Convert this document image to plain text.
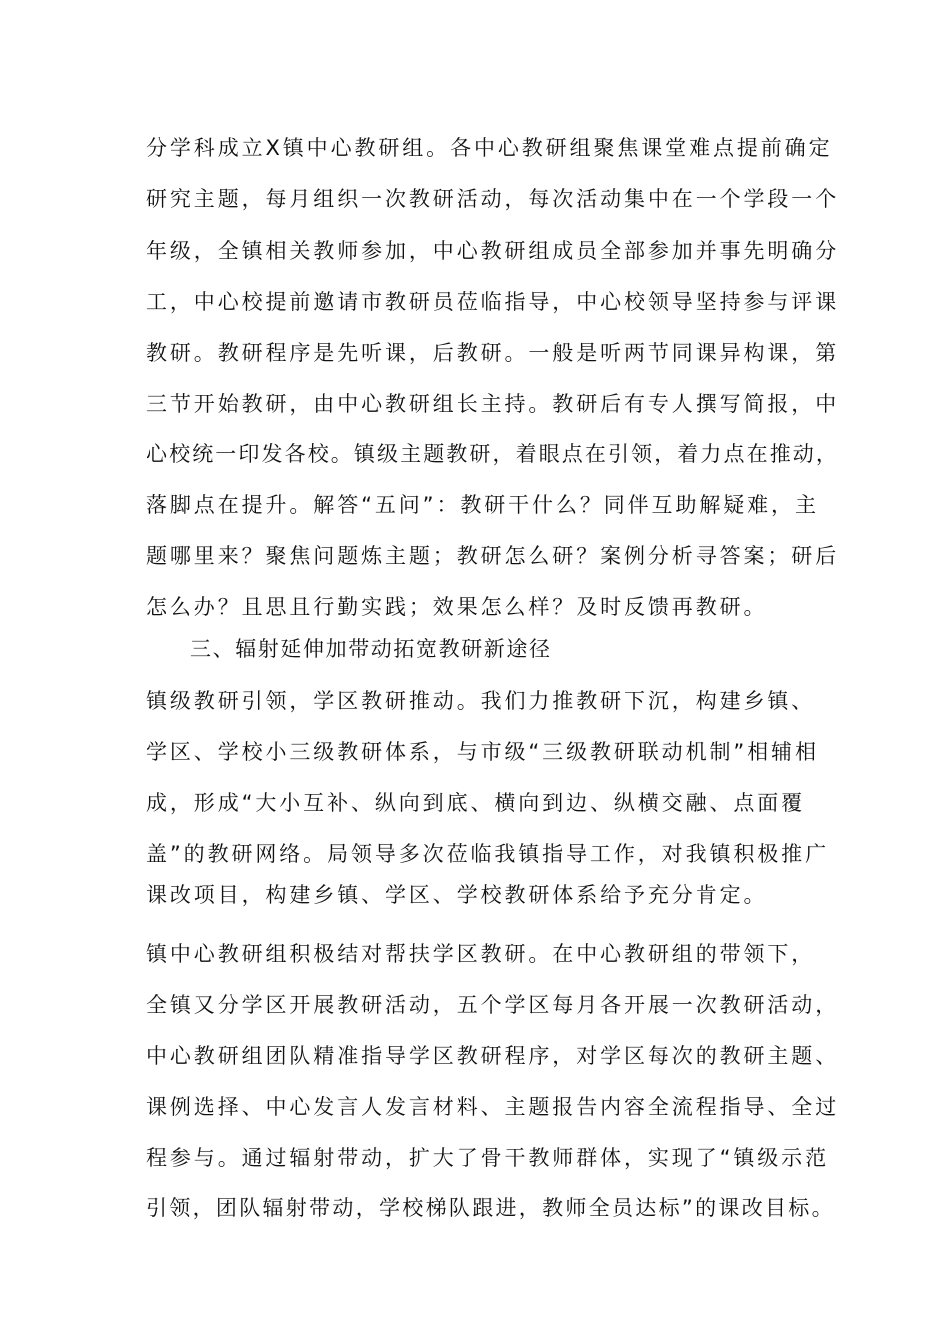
分学科成立X镇中心教研组。各中心教研组聚焦课堂难点提前确定
研究主题，每月组织一次教研活动，每次活动集中在一个学段一个
年级，全镇相关教师参加，中心教研组成员全部参加并事先明确分
工，中心校提前邀请市教研员莅临指导，中心校领导坚持参与评课
教研。教研程序是先听课，后教研。一般是听两节同课异构课，第
三节开始教研，由中心教研组长主持。教研后有专人撰写简报，中
心校统一印发各校。镇级主题教研，着眼点在引领，着力点在推动，
落脚点在提升。解答“五问”：教研干什么？同伴互助解疑难，主
题哪里来？聚焦问题炼主题；教研怎么研？案例分析寻答案；研后
怎么办？且思且行勤实践；效果怎么样？及时反馈再教研。
三、辐射延伸加带动拓宽教研新途径
镇级教研引领，学区教研推动。我们力推教研下沉，构建乡镇、
学区、学校小三级教研体系，与市级“三级教研联动机制”相辅相
成，形成“大小互补、纵向到底、横向到边、纵横交融、点面覆
盖”的教研网络。局领导多次莅临我镇指导工作，对我镇积极推广
课改项目，构建乡镇、学区、学校教研体系给予充分肯定。
镇中心教研组积极结对帮扶学区教研。在中心教研组的带领下，
全镇又分学区开展教研活动，五个学区每月各开展一次教研活动，
中心教研组团队精准指导学区教研程序，对学区每次的教研主题、
课例选择、中心发言人发言材料、主题报告内容全流程指导、全过
程参与。通过辐射带动，扩大了骨干教师群体，实现了“镇级示范
引领，团队辐射带动，学校梯队跟进，教师全员达标”的课改目标。
